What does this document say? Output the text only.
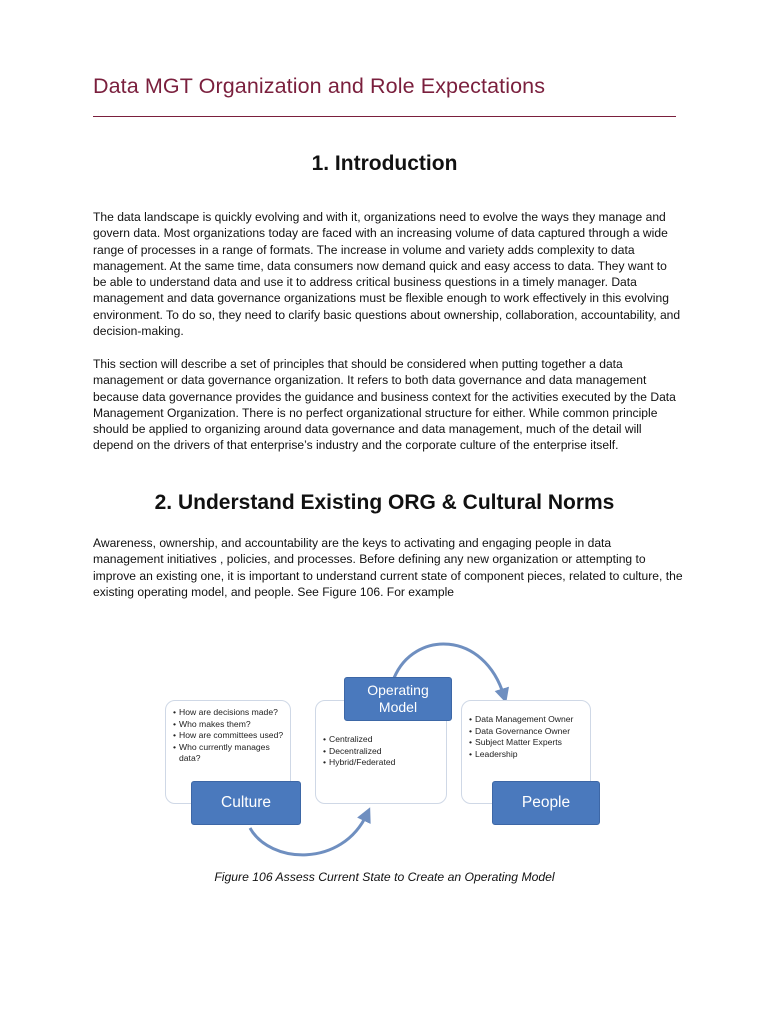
Data MGT Organization and Role Expectations
1. Introduction

The data landscape is quickly evolving and with it, organizations need to evolve the ways they manage and govern data. Most organizations today are faced with an increasing volume of data captured through a wide range of processes in a range of formats. The increase in volume and variety adds complexity to data management. At the same time, data consumers now demand quick and easy access to data. They want to be able to understand data and use it to address critical business questions in a timely manager. Data management and data governance organizations must be flexible enough to work effectively in this evolving environment. To do so, they need to clarify basic questions about ownership, collaboration, accountability, and decision-making.

This section will describe a set of principles that should be considered when putting together a data management or data governance organization. It refers to both data governance and data management because data governance provides the guidance and business context for the activities executed by the Data Management Organization. There is no perfect organizational structure for either. While common principle should be applied to organizing around data governance and data management, much of the detail will depend on the drivers of that enterprise’s industry and the corporate culture of the enterprise itself.

2. Understand Existing ORG & Cultural Norms

Awareness, ownership, and accountability are the keys to activating and engaging people in data management initiatives , policies, and processes. Before defining any new organization or attempting to improve an existing one, it is important to understand current state of component pieces, related to culture, the existing operating model, and people. See Figure 106. For example

• How are decisions made?
• Who makes them?
• How are committees used?
• Who currently manages data?
• Centralized
• Decentralized
• Hybrid/Federated
• Data Management Owner
• Data Governance Owner
• Subject Matter Experts
• Leadership
Culture
Operating Model
People

Figure 106 Assess Current State to Create an Operating Model
